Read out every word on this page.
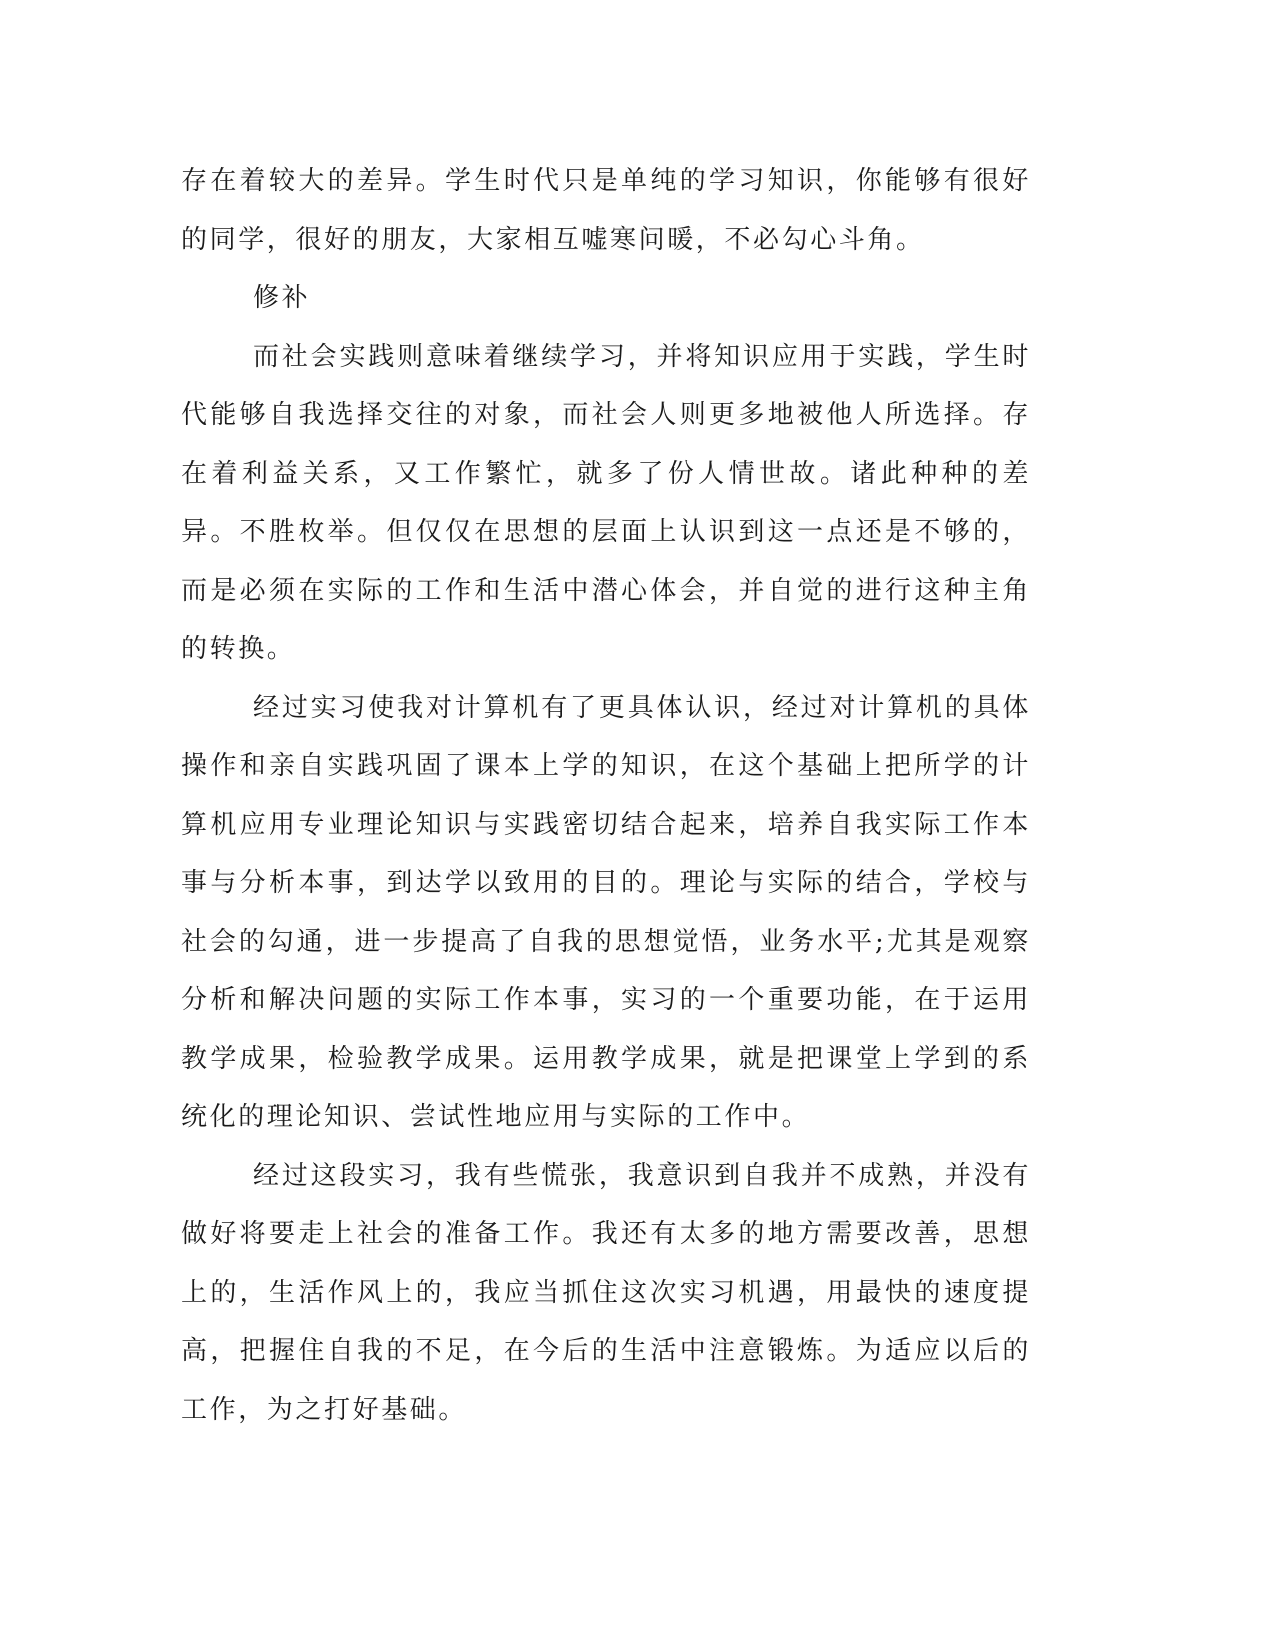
存在着较大的差异。学生时代只是单纯的学习知识，你能够有很好的同学，很好的朋友，大家相互嘘寒问暖，不必勾心斗角。

修补

而社会实践则意味着继续学习，并将知识应用于实践，学生时代能够自我选择交往的对象，而社会人则更多地被他人所选择。存在着利益关系，又工作繁忙，就多了份人情世故。诸此种种的差异。不胜枚举。但仅仅在思想的层面上认识到这一点还是不够的，而是必须在实际的工作和生活中潜心体会，并自觉的进行这种主角的转换。

经过实习使我对计算机有了更具体认识，经过对计算机的具体操作和亲自实践巩固了课本上学的知识，在这个基础上把所学的计算机应用专业理论知识与实践密切结合起来，培养自我实际工作本事与分析本事，到达学以致用的目的。理论与实际的结合，学校与社会的勾通，进一步提高了自我的思想觉悟，业务水平;尤其是观察分析和解决问题的实际工作本事，实习的一个重要功能，在于运用教学成果，检验教学成果。运用教学成果，就是把课堂上学到的系统化的理论知识、尝试性地应用与实际的工作中。

经过这段实习，我有些慌张，我意识到自我并不成熟，并没有做好将要走上社会的准备工作。我还有太多的地方需要改善，思想上的，生活作风上的，我应当抓住这次实习机遇，用最快的速度提高，把握住自我的不足，在今后的生活中注意锻炼。为适应以后的工作，为之打好基础。
